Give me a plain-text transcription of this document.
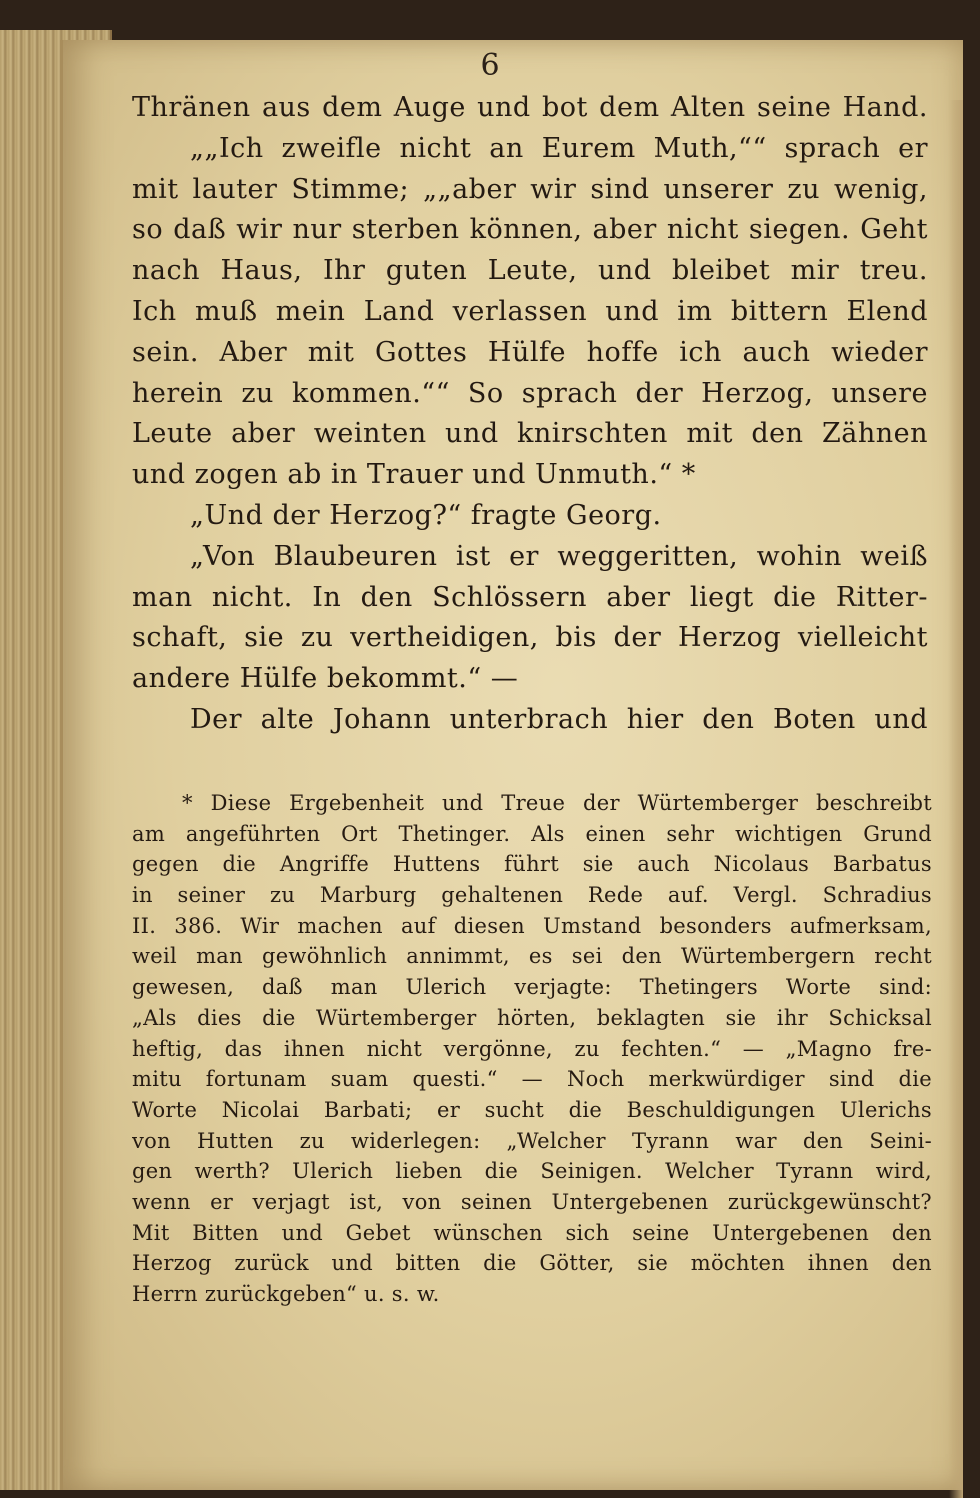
6
Thränen aus dem Auge und bot dem Alten seine Hand.
„„Ich zweifle nicht an Eurem Muth,““ sprach er
mit lauter Stimme; „„aber wir sind unserer zu wenig,
so daß wir nur sterben können, aber nicht siegen. Geht
nach Haus, Ihr guten Leute, und bleibet mir treu.
Ich muß mein Land verlassen und im bittern Elend
sein. Aber mit Gottes Hülfe hoffe ich auch wieder
herein zu kommen.““ So sprach der Herzog, unsere
Leute aber weinten und knirschten mit den Zähnen
und zogen ab in Trauer und Unmuth.“ *
„Und der Herzog?“ fragte Georg.
„Von Blaubeuren ist er weggeritten, wohin weiß
man nicht. In den Schlössern aber liegt die Ritter-
schaft, sie zu vertheidigen, bis der Herzog vielleicht
andere Hülfe bekommt.“ —
Der alte Johann unterbrach hier den Boten und
* Diese Ergebenheit und Treue der Würtemberger beschreibt
am angeführten Ort Thetinger. Als einen sehr wichtigen Grund
gegen die Angriffe Huttens führt sie auch Nicolaus Barbatus
in seiner zu Marburg gehaltenen Rede auf. Vergl. Schradius
II. 386. Wir machen auf diesen Umstand besonders aufmerksam,
weil man gewöhnlich annimmt, es sei den Würtembergern recht
gewesen, daß man Ulerich verjagte: Thetingers Worte sind:
„Als dies die Würtemberger hörten, beklagten sie ihr Schicksal
heftig, das ihnen nicht vergönne, zu fechten.“ — „Magno fre-
mitu fortunam suam questi.“ — Noch merkwürdiger sind die
Worte Nicolai Barbati; er sucht die Beschuldigungen Ulerichs
von Hutten zu widerlegen: „Welcher Tyrann war den Seini-
gen werth? Ulerich lieben die Seinigen. Welcher Tyrann wird,
wenn er verjagt ist, von seinen Untergebenen zurückgewünscht?
Mit Bitten und Gebet wünschen sich seine Untergebenen den
Herzog zurück und bitten die Götter, sie möchten ihnen den
Herrn zurückgeben“ u. s. w.
